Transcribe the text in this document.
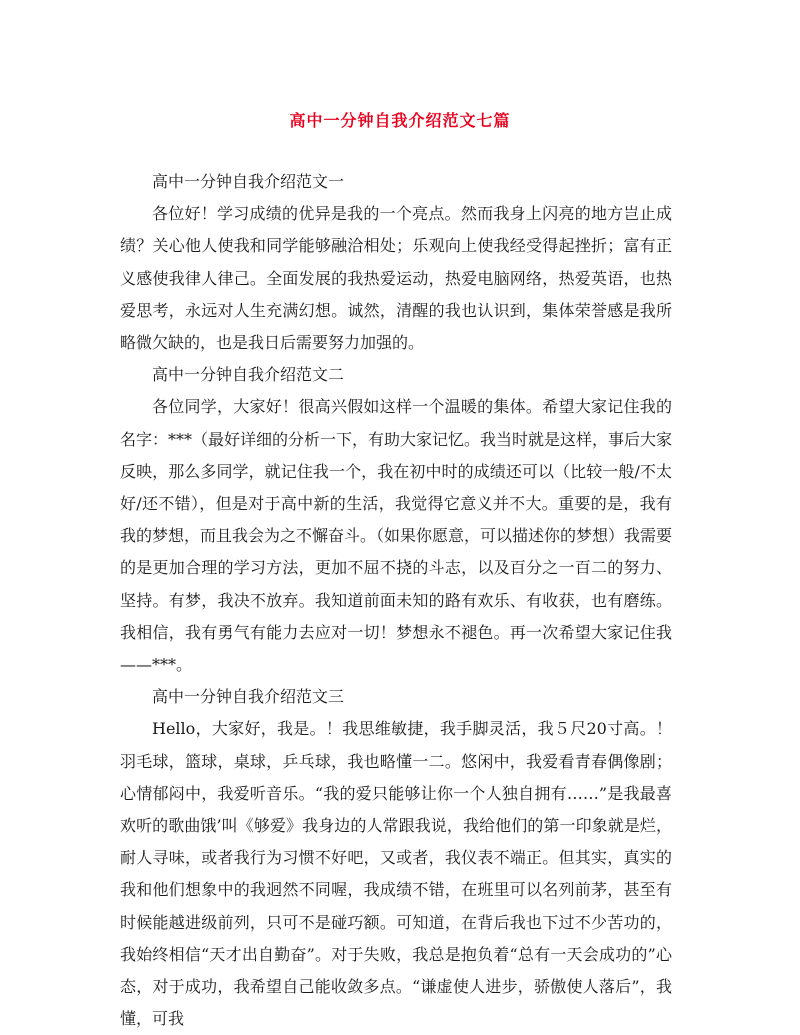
高中一分钟自我介绍范文七篇

高中一分钟自我介绍范文一

各位好！学习成绩的优异是我的一个亮点。然而我身上闪亮的地方岂止成绩？关心他人使我和同学能够融洽相处；乐观向上使我经受得起挫折；富有正义感使我律人律己。全面发展的我热爱运动，热爱电脑网络，热爱英语，也热爱思考，永远对人生充满幻想。诚然，清醒的我也认识到，集体荣誉感是我所略微欠缺的，也是我日后需要努力加强的。

高中一分钟自我介绍范文二

各位同学，大家好！很高兴假如这样一个温暖的集体。希望大家记住我的名字：***（最好详细的分析一下，有助大家记忆。我当时就是这样，事后大家反映，那么多同学，就记住我一个，我在初中时的成绩还可以（比较一般/不太好/还不错），但是对于高中新的生活，我觉得它意义并不大。重要的是，我有我的梦想，而且我会为之不懈奋斗。（如果你愿意，可以描述你的梦想）我需要的是更加合理的学习方法，更加不屈不挠的斗志，以及百分之一百二的努力、坚持。有梦，我决不放弃。我知道前面未知的路有欢乐、有收获，也有磨练。我相信，我有勇气有能力去应对一切！梦想永不褪色。再一次希望大家记住我——***。

高中一分钟自我介绍范文三

Hello，大家好，我是。！我思维敏捷，我手脚灵活，我５尺20寸高。！羽毛球，篮球，桌球，乒乓球，我也略懂一二。悠闲中，我爱看青春偶像剧；心情郁闷中，我爱听音乐。“我的爱只能够让你一个人独自拥有……”是我最喜欢听的歌曲饿’叫《够爱》我身边的人常跟我说，我给他们的第一印象就是烂，耐人寻味，或者我行为习惯不好吧，又或者，我仪表不端正。但其实，真实的我和他们想象中的我迥然不同喔，我成绩不错，在班里可以名列前茅，甚至有时候能越进级前列，只可不是碰巧额。可知道，在背后我也下过不少苦功的，我始终相信“天才出自勤奋”。对于失败，我总是抱负着“总有一天会成功的”心态，对于成功，我希望自己能收敛多点。“谦虚使人进步，骄傲使人落后”，我懂，可我
